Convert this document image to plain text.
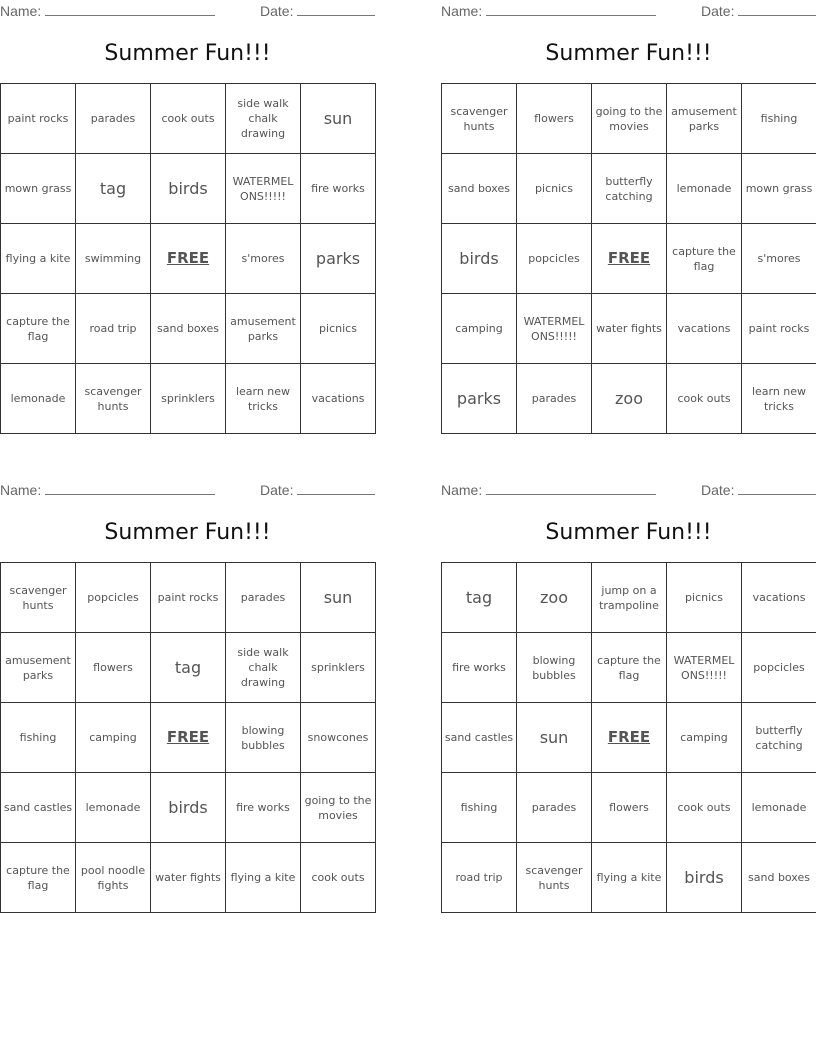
Name:	Date:
Summer Fun!!!
paint rocks	parades	cook outs	side walk chalk drawing	sun
mown grass	tag	birds	WATERMEL ONS!!!!!	fire works
flying a kite	swimming	FREE	s'mores	parks
capture the flag	road trip	sand boxes	amusement parks	picnics
lemonade	scavenger hunts	sprinklers	learn new tricks	vacations
Name:	Date:
Summer Fun!!!
scavenger hunts	flowers	going to the movies	amusement parks	fishing
sand boxes	picnics	butterfly catching	lemonade	mown grass
birds	popcicles	FREE	capture the flag	s'mores
camping	WATERMEL ONS!!!!!	water fights	vacations	paint rocks
parks	parades	zoo	cook outs	learn new tricks
Name:	Date:
Summer Fun!!!
scavenger hunts	popcicles	paint rocks	parades	sun
amusement parks	flowers	tag	side walk chalk drawing	sprinklers
fishing	camping	FREE	blowing bubbles	snowcones
sand castles	lemonade	birds	fire works	going to the movies
capture the flag	pool noodle fights	water fights	flying a kite	cook outs
Name:	Date:
Summer Fun!!!
tag	zoo	jump on a trampoline	picnics	vacations
fire works	blowing bubbles	capture the flag	WATERMEL ONS!!!!!	popcicles
sand castles	sun	FREE	camping	butterfly catching
fishing	parades	flowers	cook outs	lemonade
road trip	scavenger hunts	flying a kite	birds	sand boxes
